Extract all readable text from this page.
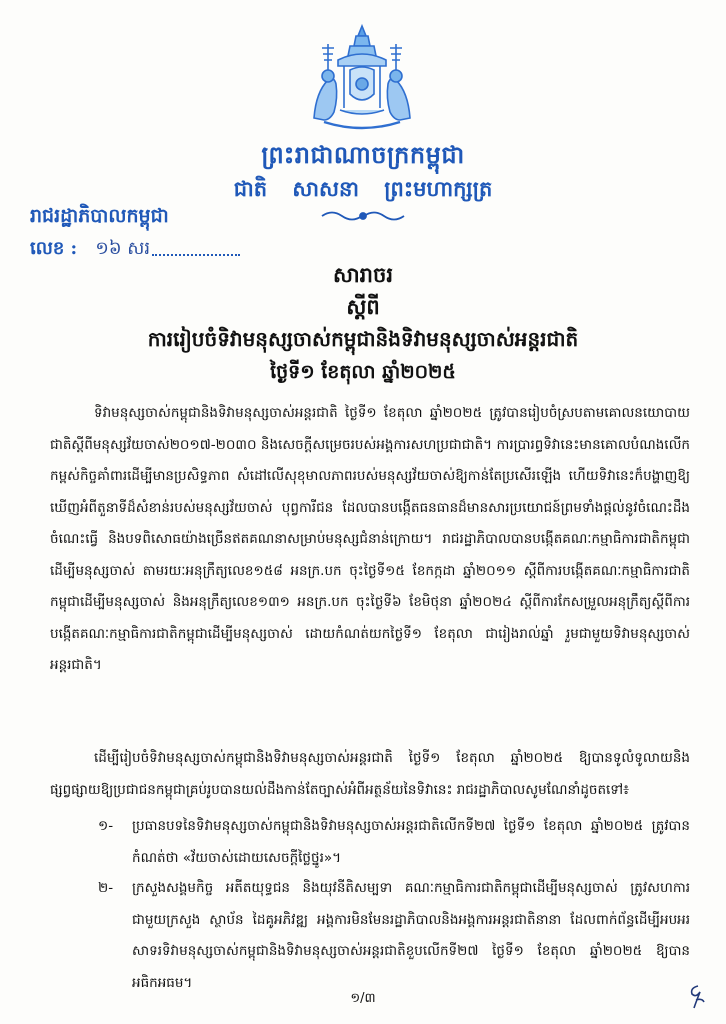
ព្រះរាជាណាចក្រកម្ពុជា
ជាតិ សាសនា ព្រះមហាក្សត្រ
រាជរដ្ឋាភិបាលកម្ពុជា
លេខ : ១៦ សរ
សារាចរ
ស្តីពី
ការរៀបចំទិវាមនុស្សចាស់កម្ពុជានិងទិវាមនុស្សចាស់អន្តរជាតិ
ថ្ងៃទី១ ខែតុលា ឆ្នាំ២០២៥
ទិវាមនុស្សចាស់កម្ពុជានិងទិវាមនុស្សចាស់អន្តរជាតិ ថ្ងៃទី១ ខែតុលា ឆ្នាំ២០២៥ ត្រូវបានរៀបចំស្របតាមគោលនយោបាយជាតិស្តីពីមនុស្សវ័យចាស់២០១៧-២០៣០ និងសេចក្តីសម្រេចរបស់អង្គការសហប្រជាជាតិ។ ការប្រារព្ធទិវានេះមានគោលបំណងលើកកម្ពស់កិច្ចគាំពារដើម្បីមានប្រសិទ្ធភាព សំដៅលើសុខុមាលភាពរបស់មនុស្សវ័យចាស់ឱ្យកាន់តែប្រសើរឡើង ហើយទិវានេះក៏បង្ហាញឱ្យឃើញអំពីតួនាទីដ៏សំខាន់របស់មនុស្សវ័យចាស់ បុព្វការីជន ដែលបានបង្កើតធនធានដ៏មានសារប្រយោជន៍ព្រមទាំងផ្តល់នូវចំណេះដឹង ចំណេះធ្វើ និងបទពិសោធយ៉ាងច្រើនឥតគណនាសម្រាប់មនុស្សជំនាន់ក្រោយ។ រាជរដ្ឋាភិបាលបានបង្កើតគណៈកម្មាធិការជាតិកម្ពុជាដើម្បីមនុស្សចាស់ តាមរយៈអនុក្រឹត្យលេខ១៥៨ អនក្រ.បក ចុះថ្ងៃទី១៥ ខែកក្កដា ឆ្នាំ២០១១ ស្តីពីការបង្កើតគណៈកម្មាធិការជាតិកម្ពុជាដើម្បីមនុស្សចាស់ និងអនុក្រឹត្យលេខ១៣១ អនក្រ.បក ចុះថ្ងៃទី៦ ខែមិថុនា ឆ្នាំ២០២៤ ស្តីពីការកែសម្រួលអនុក្រឹត្យស្តីពីការបង្កើតគណៈកម្មាធិការជាតិកម្ពុជាដើម្បីមនុស្សចាស់ ដោយកំណត់យកថ្ងៃទី១ ខែតុលា ជារៀងរាល់ឆ្នាំ រួមជាមួយទិវាមនុស្សចាស់អន្តរជាតិ។
ដើម្បីរៀបចំទិវាមនុស្សចាស់កម្ពុជានិងទិវាមនុស្សចាស់អន្តរជាតិ ថ្ងៃទី១ ខែតុលា ឆ្នាំ២០២៥ ឱ្យបានទូលំទូលាយនិងផ្សព្វផ្សាយឱ្យប្រជាជនកម្ពុជាគ្រប់រូបបានយល់ដឹងកាន់តែច្បាស់អំពីអត្ថន័យនៃទិវានេះ រាជរដ្ឋាភិបាលសូមណែនាំដូចតទៅ៖
១-	ប្រធានបទនៃទិវាមនុស្សចាស់កម្ពុជានិងទិវាមនុស្សចាស់អន្តរជាតិលើកទី២៧ ថ្ងៃទី១ ខែតុលា ឆ្នាំ២០២៥ ត្រូវបានកំណត់ថា «វ័យចាស់ដោយសេចក្តីថ្លៃថ្នូរ»។
២-	ក្រសួងសង្គមកិច្ច អតីតយុទ្ធជន និងយុវនីតិសម្បទា គណៈកម្មាធិការជាតិកម្ពុជាដើម្បីមនុស្សចាស់ ត្រូវសហការជាមួយក្រសួង ស្ថាប័ន ដៃគូអភិវឌ្ឍ អង្គការមិនមែនរដ្ឋាភិបាលនិងអង្គការអន្តរជាតិនានា ដែលពាក់ព័ន្ធដើម្បីអបអរសាទរទិវាមនុស្សចាស់កម្ពុជានិងទិវាមនុស្សចាស់អន្តរជាតិខួបលើកទី២៧ ថ្ងៃទី១ ខែតុលា ឆ្នាំ២០២៥ ឱ្យបានអធិកអធម។
១/៣
